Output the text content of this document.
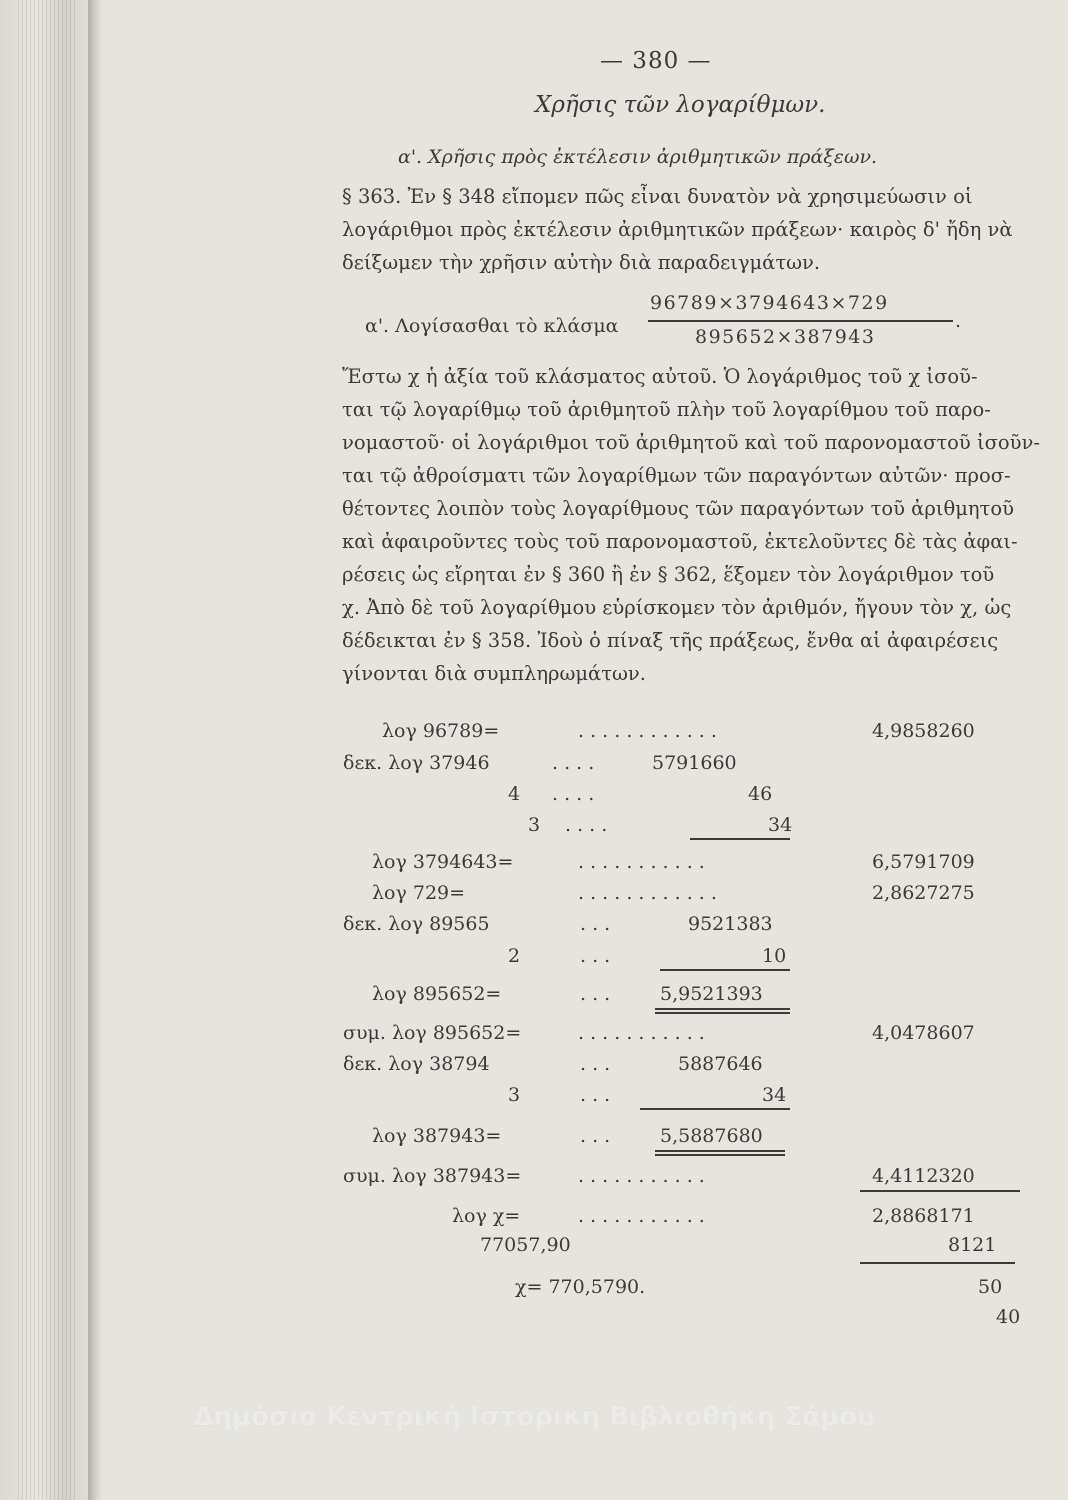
— 380 —
Χρῆσις τῶν λογαρίθμων.
α'. Χρῆσις πρὸς ἐκτέλεσιν ἀριθμητικῶν πράξεων.
§ 363. Ἐν § 348 εἴπομεν πῶς εἶναι δυνατὸν νὰ χρησιμεύωσιν οἱ
λογάριθμοι πρὸς ἐκτέλεσιν ἀριθμητικῶν πράξεων· καιρὸς δ' ἤδη νὰ
δείξωμεν τὴν χρῆσιν αὐτὴν διὰ παραδειγμάτων.
α'. Λογίσασθαι τὸ κλάσμα
96789×3794643×729
.
895652×387943
Ἔστω χ ἡ ἀξία τοῦ κλάσματος αὐτοῦ. Ὁ λογάριθμος τοῦ χ ἰσοῦ-
ται τῷ λογαρίθμῳ τοῦ ἀριθμητοῦ πλὴν τοῦ λογαρίθμου τοῦ παρο-
νομαστοῦ· οἱ λογάριθμοι τοῦ ἀριθμητοῦ καὶ τοῦ παρονομαστοῦ ἰσοῦν-
ται τῷ ἀθροίσματι τῶν λογαρίθμων τῶν παραγόντων αὐτῶν· προσ-
θέτοντες λοιπὸν τοὺς λογαρίθμους τῶν παραγόντων τοῦ ἀριθμητοῦ
καὶ ἀφαιροῦντες τοὺς τοῦ παρονομαστοῦ, ἐκτελοῦντες δὲ τὰς ἀφαι-
ρέσεις ὡς εἴρηται ἐν § 360 ἢ ἐν § 362, ἕξομεν τὸν λογάριθμον τοῦ
χ. Ἀπὸ δὲ τοῦ λογαρίθμου εὑρίσκομεν τὸν ἀριθμόν, ἤγουν τὸν χ, ὡς
δέδεικται ἐν § 358. Ἰδοὺ ὁ πίναξ τῆς πράξεως, ἔνθα αἱ ἀφαιρέσεις
γίνονται διὰ συμπληρωμάτων.
λογ 96789=	. . . . . . . . . . . .	4,9858260
δεκ. λογ 37946	. . . .	5791660
4 . . . .	46
3 . . . .	34
λογ 3794643=	. . . . . . . . . . .	6,5791709
λογ 729=	. . . . . . . . . . . .	2,8627275
δεκ. λογ 89565	. . .	9521383
2	. . .	10
λογ 895652=	. . .	5,9521393
συμ. λογ 895652=	. . . . . . . . . . .	4,0478607
δεκ. λογ 38794	. . .	5887646
3	. . .	34
λογ 387943=	. . .	5,5887680
συμ. λογ 387943=	. . . . . . . . . . .	4,4112320
λογ χ=	. . . . . . . . . . .	2,8868171
77057,90	8121
χ= 770,5790.	50
40
Δημόσια Κεντρική Ιστορική Βιβλιοθήκη Σάμου
